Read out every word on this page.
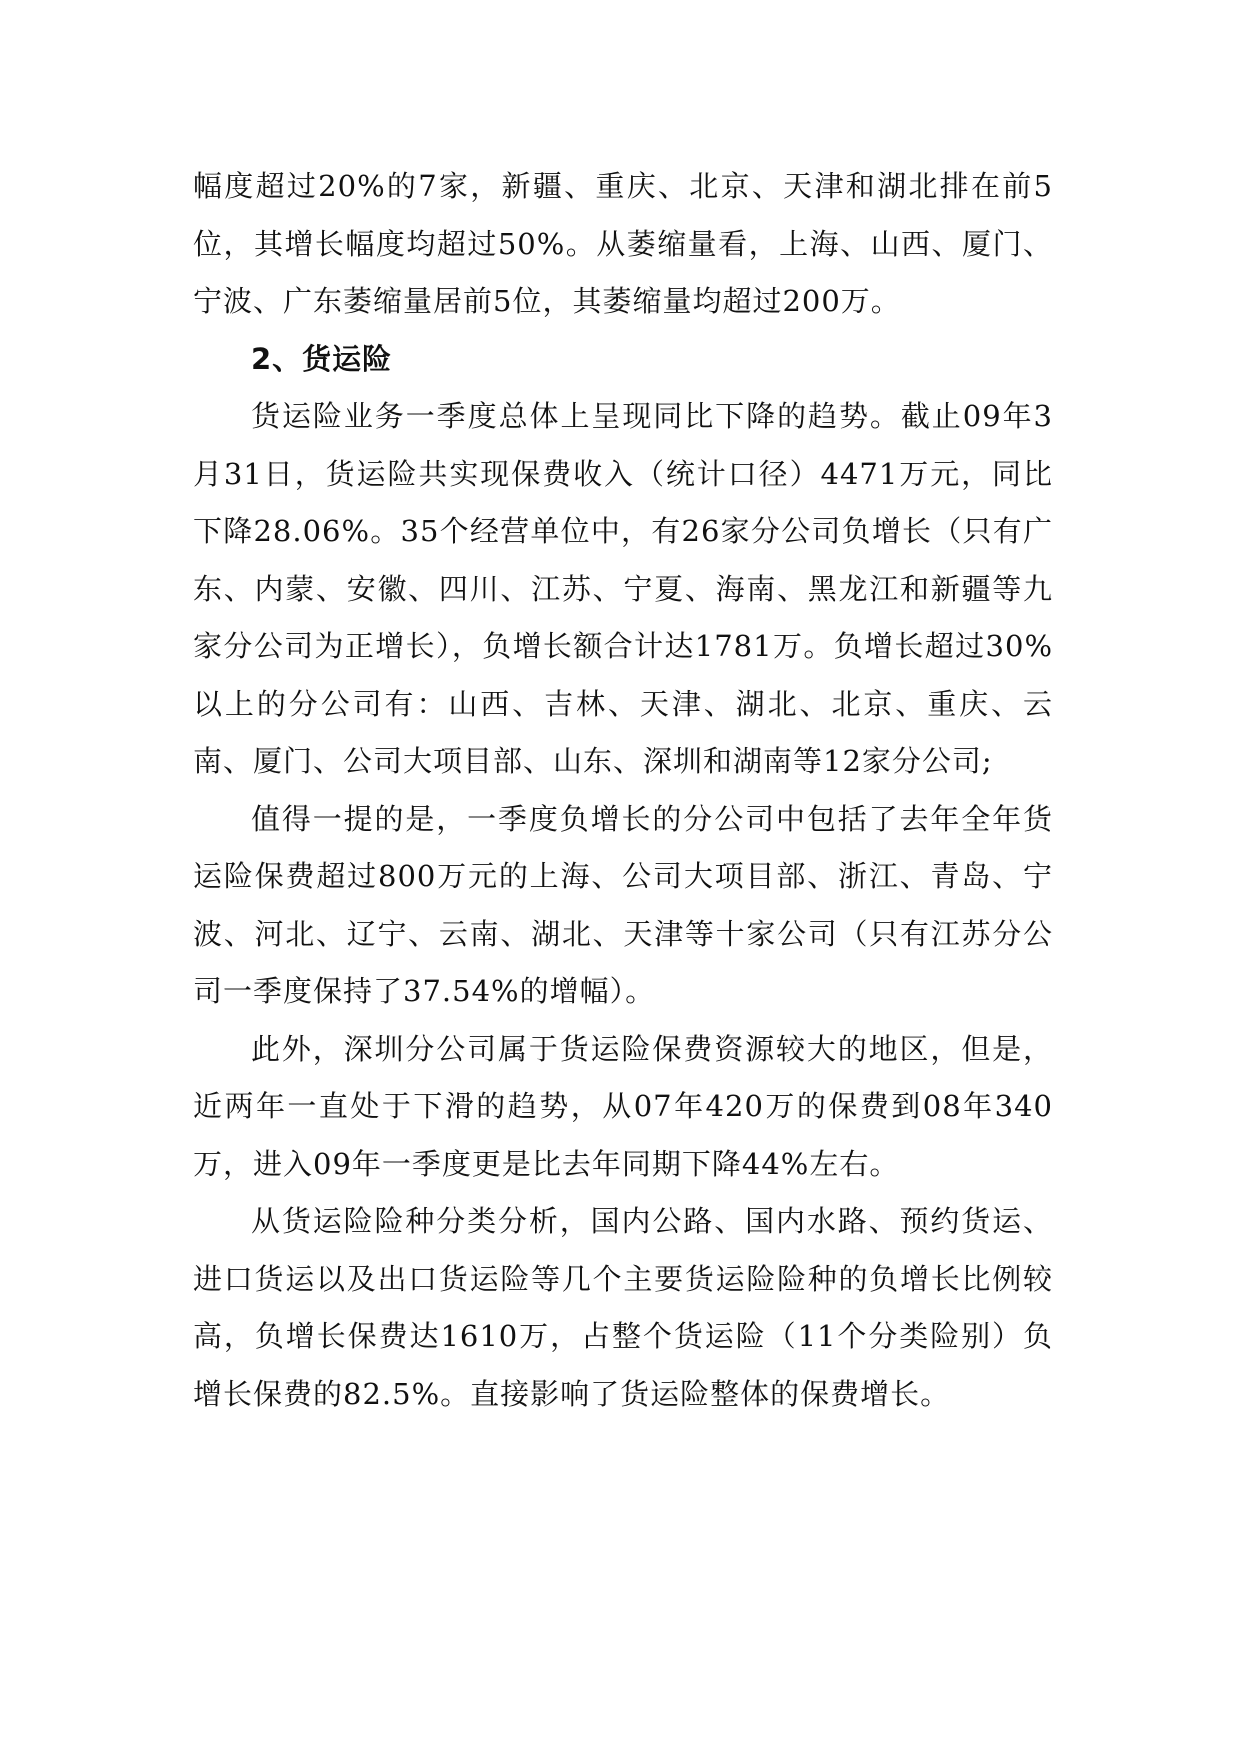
幅度超过20%的7家，新疆、重庆、北京、天津和湖北排在前5位，其增长幅度均超过50%。从萎缩量看，上海、山西、厦门、宁波、广东萎缩量居前5位，其萎缩量均超过200万。

2、货运险

货运险业务一季度总体上呈现同比下降的趋势。截止09年3月31日，货运险共实现保费收入（统计口径）4471万元，同比下降28.06%。35个经营单位中，有26家分公司负增长（只有广东、内蒙、安徽、四川、江苏、宁夏、海南、黑龙江和新疆等九家分公司为正增长），负增长额合计达1781万。负增长超过30%以上的分公司有：山西、吉林、天津、湖北、北京、重庆、云南、厦门、公司大项目部、山东、深圳和湖南等12家分公司;

值得一提的是，一季度负增长的分公司中包括了去年全年货运险保费超过800万元的上海、公司大项目部、浙江、青岛、宁波、河北、辽宁、云南、湖北、天津等十家公司（只有江苏分公司一季度保持了37.54%的增幅）。

此外，深圳分公司属于货运险保费资源较大的地区，但是，近两年一直处于下滑的趋势，从07年420万的保费到08年340万，进入09年一季度更是比去年同期下降44%左右。

从货运险险种分类分析，国内公路、国内水路、预约货运、进口货运以及出口货运险等几个主要货运险险种的负增长比例较高，负增长保费达1610万，占整个货运险（11个分类险别）负增长保费的82.5%。直接影响了货运险整体的保费增长。
